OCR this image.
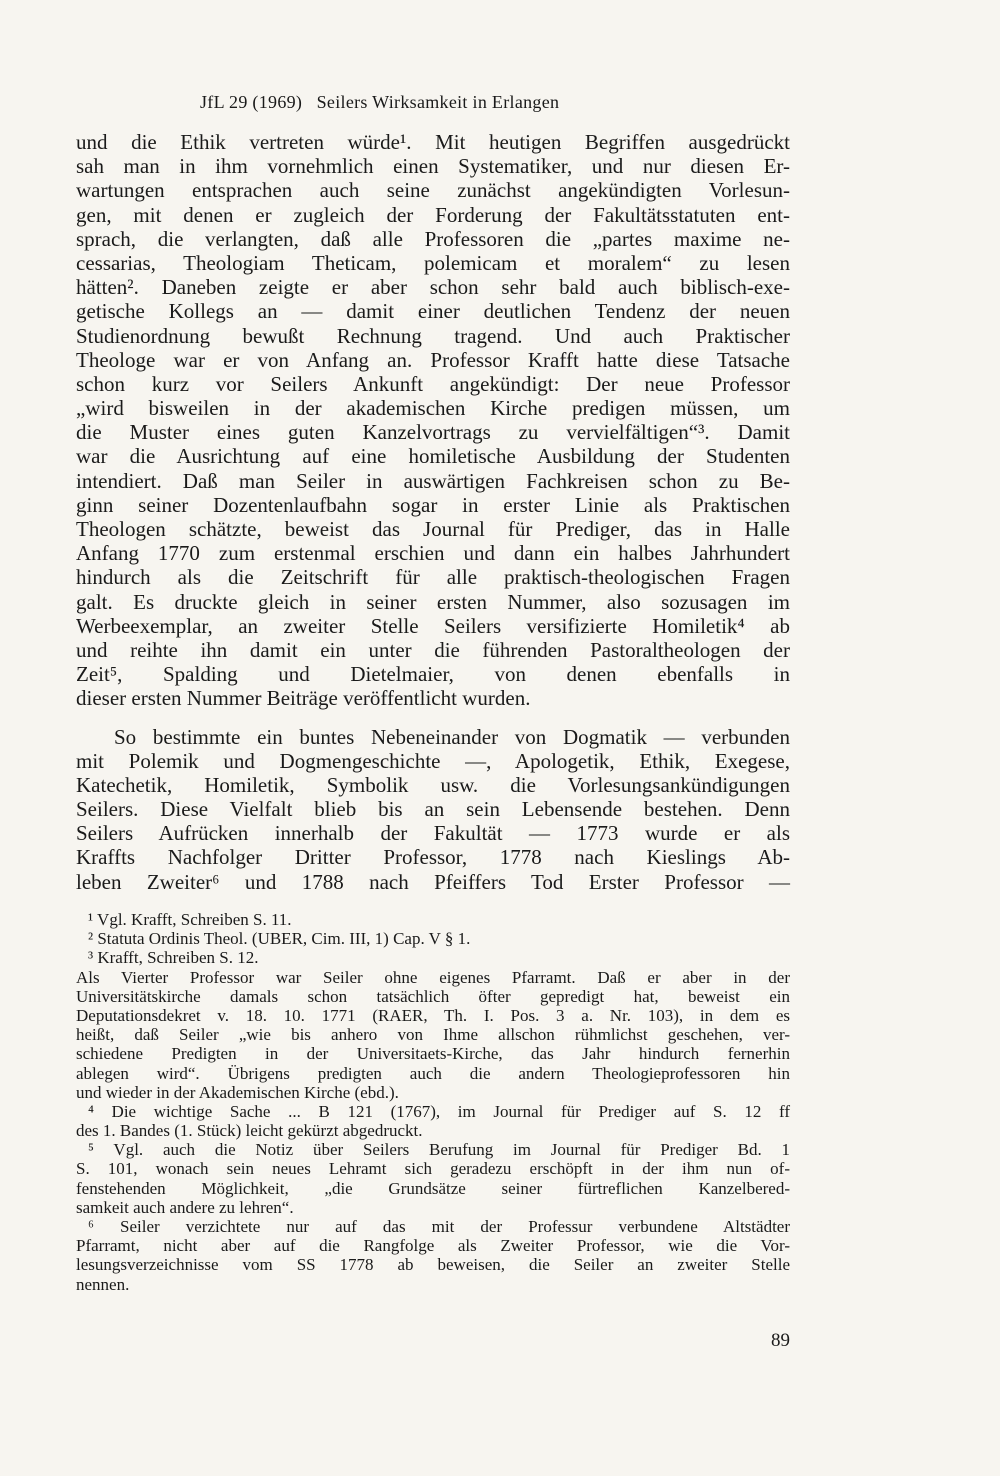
JfL 29 (1969)   Seilers Wirksamkeit in Erlangen
und die Ethik vertreten würde¹. Mit heutigen Begriffen ausgedrückt
sah man in ihm vornehmlich einen Systematiker, und nur diesen Er-
wartungen entsprachen auch seine zunächst angekündigten Vorlesun-
gen, mit denen er zugleich der Forderung der Fakultätsstatuten ent-
sprach, die verlangten, daß alle Professoren die „partes maxime ne-
cessarias, Theologiam Theticam, polemicam et moralem“ zu lesen
hätten². Daneben zeigte er aber schon sehr bald auch biblisch-exe-
getische Kollegs an — damit einer deutlichen Tendenz der neuen
Studienordnung bewußt Rechnung tragend. Und auch Praktischer
Theologe war er von Anfang an. Professor Krafft hatte diese Tatsache
schon kurz vor Seilers Ankunft angekündigt: Der neue Professor
„wird bisweilen in der akademischen Kirche predigen müssen, um
die Muster eines guten Kanzelvortrags zu vervielfältigen“³. Damit
war die Ausrichtung auf eine homiletische Ausbildung der Studenten
intendiert. Daß man Seiler in auswärtigen Fachkreisen schon zu Be-
ginn seiner Dozentenlaufbahn sogar in erster Linie als Praktischen
Theologen schätzte, beweist das Journal für Prediger, das in Halle
Anfang 1770 zum erstenmal erschien und dann ein halbes Jahrhundert
hindurch als die Zeitschrift für alle praktisch-theologischen Fragen
galt. Es druckte gleich in seiner ersten Nummer, also sozusagen im
Werbeexemplar, an zweiter Stelle Seilers versifizierte Homiletik⁴ ab
und reihte ihn damit ein unter die führenden Pastoraltheologen der
Zeit⁵, Spalding und Dietelmaier, von denen ebenfalls in
dieser ersten Nummer Beiträge veröffentlicht wurden.
So bestimmte ein buntes Nebeneinander von Dogmatik — verbunden
mit Polemik und Dogmengeschichte —, Apologetik, Ethik, Exegese,
Katechetik, Homiletik, Symbolik usw. die Vorlesungsankündigungen
Seilers. Diese Vielfalt blieb bis an sein Lebensende bestehen. Denn
Seilers Aufrücken innerhalb der Fakultät — 1773 wurde er als
Kraffts Nachfolger Dritter Professor, 1778 nach Kieslings Ab-
leben Zweiter⁶ und 1788 nach Pfeiffers Tod Erster Professor —
¹ Vgl. Krafft, Schreiben S. 11.
² Statuta Ordinis Theol. (UBER, Cim. III, 1) Cap. V § 1.
³ Krafft, Schreiben S. 12.
Als Vierter Professor war Seiler ohne eigenes Pfarramt. Daß er aber in der
Universitätskirche damals schon tatsächlich öfter gepredigt hat, beweist ein
Deputationsdekret v. 18. 10. 1771 (RAER, Th. I. Pos. 3 a. Nr. 103), in dem es
heißt, daß Seiler „wie bis anhero von Ihme allschon rühmlichst geschehen, ver-
schiedene Predigten in der Universitaets-Kirche, das Jahr hindurch fernerhin
ablegen wird“. Übrigens predigten auch die andern Theologieprofessoren hin
und wieder in der Akademischen Kirche (ebd.).
⁴ Die wichtige Sache ... B 121 (1767), im Journal für Prediger auf S. 12 ff
des 1. Bandes (1. Stück) leicht gekürzt abgedruckt.
⁵ Vgl. auch die Notiz über Seilers Berufung im Journal für Prediger Bd. 1
S. 101, wonach sein neues Lehramt sich geradezu erschöpft in der ihm nun of-
fenstehenden Möglichkeit, „die Grundsätze seiner fürtreflichen Kanzelbered-
samkeit auch andere zu lehren“.
⁶ Seiler verzichtete nur auf das mit der Professur verbundene Altstädter
Pfarramt, nicht aber auf die Rangfolge als Zweiter Professor, wie die Vor-
lesungsverzeichnisse vom SS 1778 ab beweisen, die Seiler an zweiter Stelle
nennen.
89
